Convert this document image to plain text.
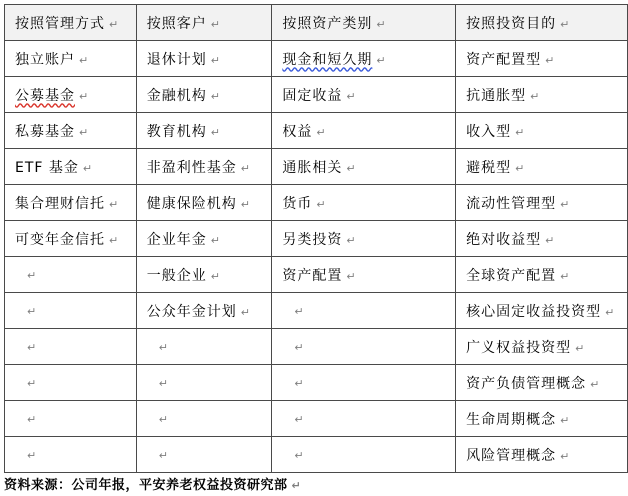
按照管理方式 ↵	按照客户 ↵	按照资产类别 ↵	按照投资目的 ↵
独立账户 ↵	退休计划 ↵	现金和短久期 ↵	资产配置型 ↵
公募基金 ↵	金融机构 ↵	固定收益 ↵	抗通胀型 ↵
私募基金 ↵	教育机构 ↵	权益 ↵	收入型 ↵
ETF 基金 ↵	非盈利性基金 ↵	通胀相关 ↵	避税型 ↵
集合理财信托 ↵	健康保险机构 ↵	货币 ↵	流动性管理型 ↵
可变年金信托 ↵	企业年金 ↵	另类投资 ↵	绝对收益型 ↵
↵	一般企业 ↵	资产配置 ↵	全球资产配置 ↵
↵	公众年金计划 ↵	↵	核心固定收益投资型 ↵
↵	↵	↵	广义权益投资型 ↵
↵	↵	↵	资产负债管理概念 ↵
↵	↵	↵	生命周期概念 ↵
↵	↵	↵	风险管理概念 ↵
资料来源：公司年报，平安养老权益投资研究部 ↵
